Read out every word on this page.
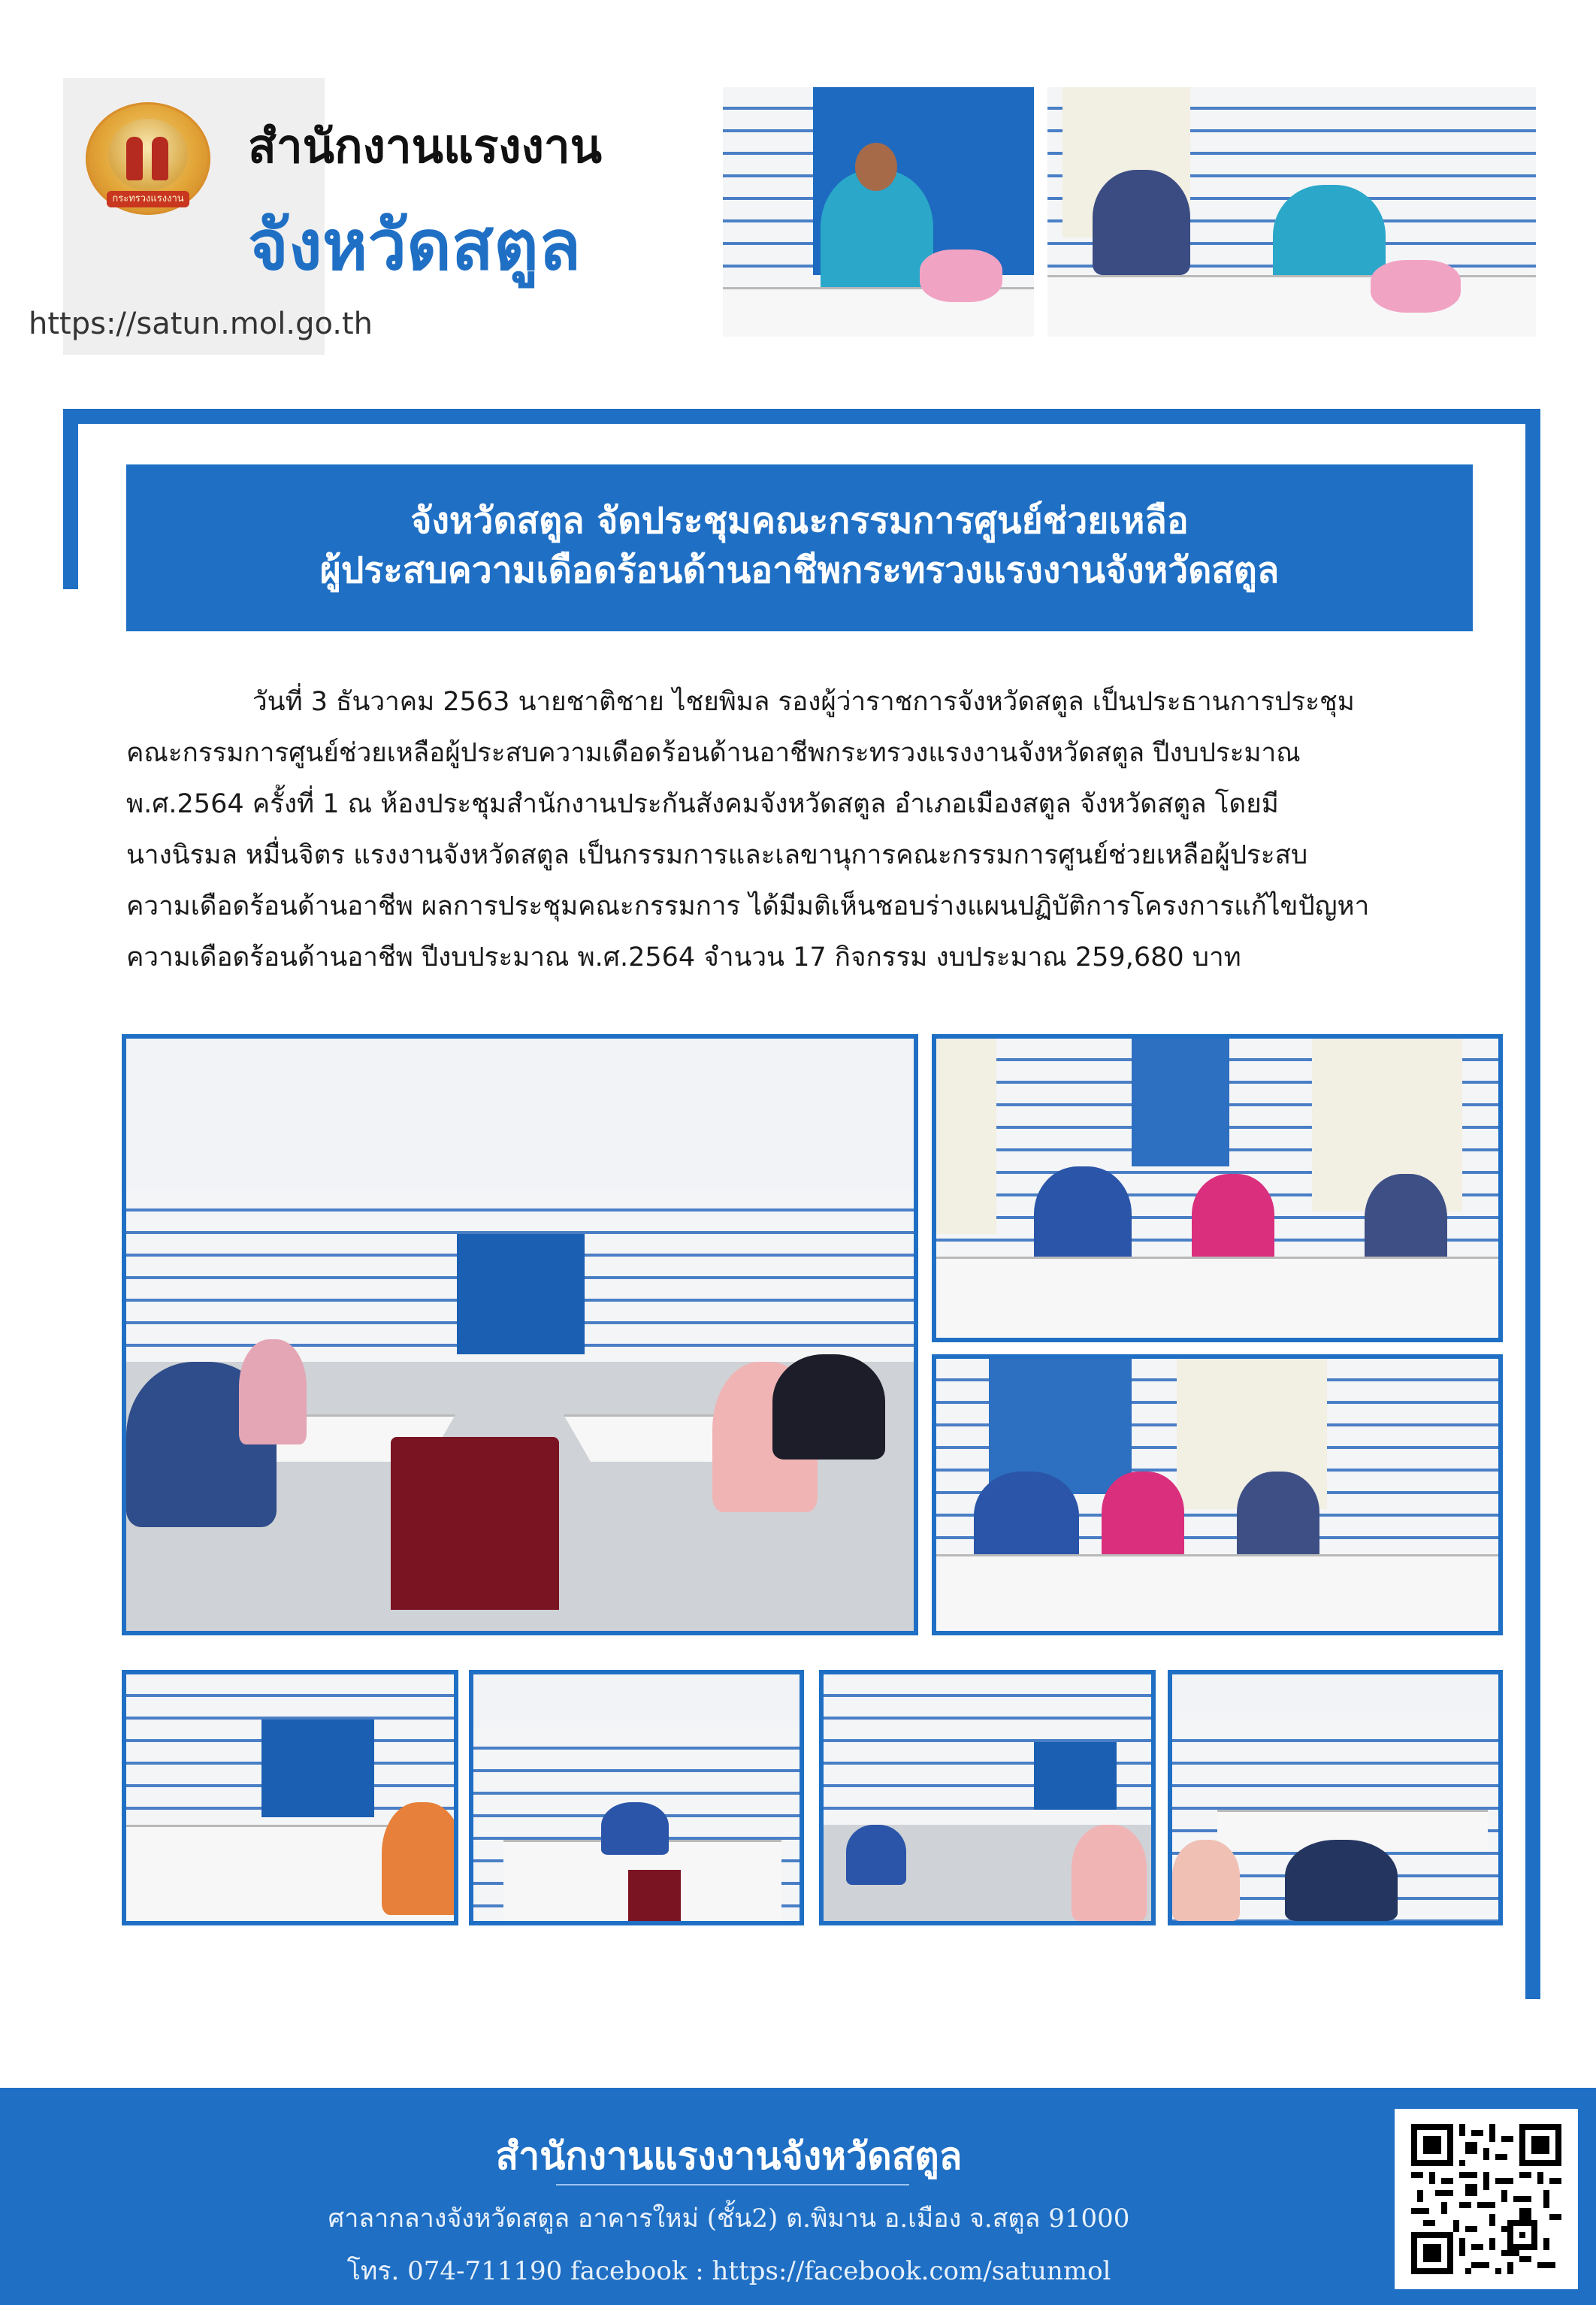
กระทรวงแรงงาน
สำนักงานแรงงาน
จังหวัดสตูล
https://satun.mol.go.th
จังหวัดสตูล จัดประชุมคณะกรรมการศูนย์ช่วยเหลือ
ผู้ประสบความเดือดร้อนด้านอาชีพกระทรวงแรงงานจังหวัดสตูล
วันที่ 3 ธันวาคม 2563 นายชาติชาย ไชยพิมล รองผู้ว่าราชการจังหวัดสตูล เป็นประธานการประชุม
คณะกรรมการศูนย์ช่วยเหลือผู้ประสบความเดือดร้อนด้านอาชีพกระทรวงแรงงานจังหวัดสตูล ปีงบประมาณ
พ.ศ.2564 ครั้งที่ 1 ณ ห้องประชุมสำนักงานประกันสังคมจังหวัดสตูล อำเภอเมืองสตูล จังหวัดสตูล โดยมี
นางนิรมล หมื่นจิตร แรงงานจังหวัดสตูล เป็นกรรมการและเลขานุการคณะกรรมการศูนย์ช่วยเหลือผู้ประสบ
ความเดือดร้อนด้านอาชีพ ผลการประชุมคณะกรรมการ ได้มีมติเห็นชอบร่างแผนปฏิบัติการโครงการแก้ไขปัญหา
ความเดือดร้อนด้านอาชีพ ปีงบประมาณ พ.ศ.2564 จำนวน 17 กิจกรรม งบประมาณ 259,680 บาท
สำนักงานแรงงานจังหวัดสตูล
ศาลากลางจังหวัดสตูล อาคารใหม่ (ชั้น2) ต.พิมาน อ.เมือง จ.สตูล 91000
โทร. 074-711190 facebook : https://facebook.com/satunmol
